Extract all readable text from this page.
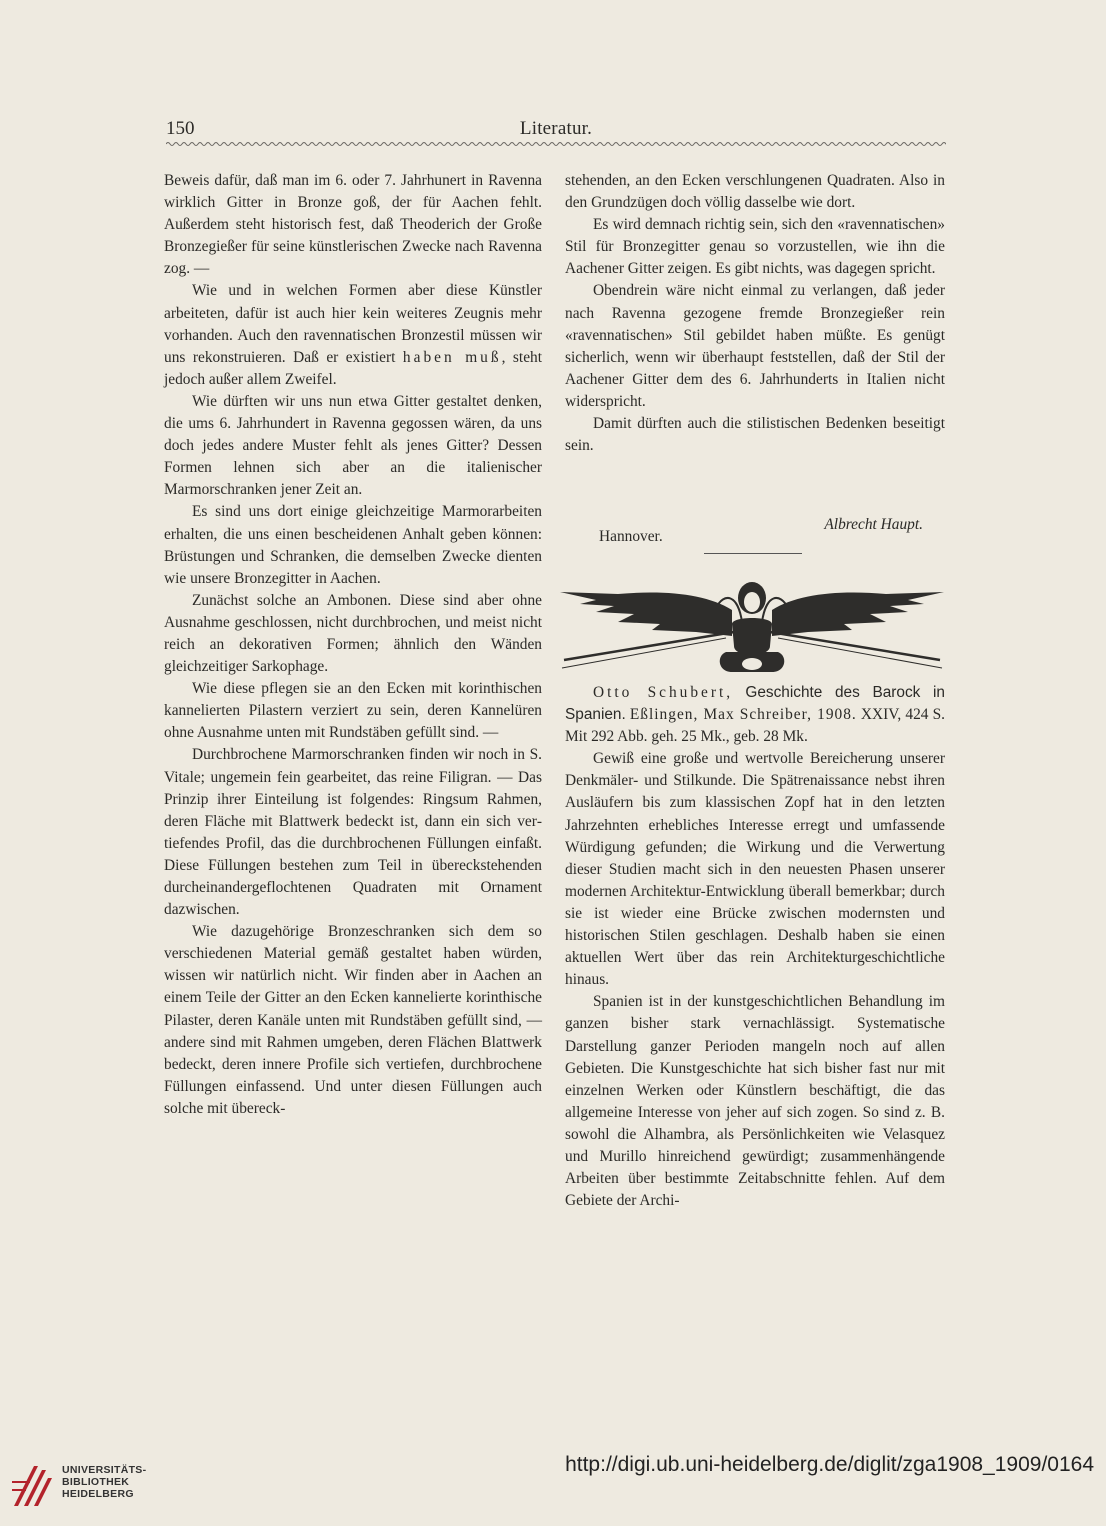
150	Literatur.

Beweis dafür, daß man im 6. oder 7. Jahrhunert in Ravenna wirklich Gitter in Bronze goß, der für Aachen fehlt. Außerdem steht historisch fest, daß Theoderich der Große Bronzegießer für seine künstlerischen Zwecke nach Ravenna zog. —

Wie und in welchen Formen aber diese Künstler arbeiteten, dafür ist auch hier kein weiteres Zeugnis mehr vorhanden. Auch den ravennatischen Bronzestil müssen wir uns rekonstruieren. Daß er existiert haben muß, steht jedoch außer allem Zweifel.

Wie dürften wir uns nun etwa Gitter gestaltet denken, die ums 6. Jahrhundert in Ravenna gegossen wären, da uns doch jedes andere Muster fehlt als jenes Gitter? Dessen Formen lehnen sich aber an die italienischer Marmorschranken jener Zeit an.

Es sind uns dort einige gleichzeitige Marmorarbeiten erhalten, die uns einen bescheidenen Anhalt geben können: Brüstungen und Schranken, die demselben Zwecke dienten wie unsere Bronzegitter in Aachen.

Zunächst solche an Ambonen. Diese sind aber ohne Ausnahme geschlossen, nicht durchbrochen, und meist nicht reich an dekorativen Formen; ähnlich den Wänden gleichzeitiger Sarkophage.

Wie diese pflegen sie an den Ecken mit korinthischen kannelierten Pilastern verziert zu sein, deren Kannelüren ohne Ausnahme unten mit Rundstäben gefüllt sind. —

Durchbrochene Marmorschranken finden wir noch in S. Vitale; ungemein fein gearbeitet, das reine Filigran. — Das Prinzip ihrer Einteilung ist folgendes: Ringsum Rahmen, deren Fläche mit Blattwerk bedeckt ist, dann ein sich vertiefendes Profil, das die durchbrochenen Füllungen einfaßt. Diese Füllungen bestehen zum Teil in übereckstehenden durcheinandergeflochtenen Quadraten mit Ornament dazwischen.

Wie dazugehörige Bronzeschranken sich dem so verschiedenen Material gemäß gestaltet haben würden, wissen wir natürlich nicht. Wir finden aber in Aachen an einem Teile der Gitter an den Ecken kannelierte korinthische Pilaster, deren Kanäle unten mit Rundstäben gefüllt sind, — andere sind mit Rahmen umgeben, deren Flächen Blattwerk bedeckt, deren innere Profile sich vertiefen, durchbrochene Füllungen einfassend. Und unter diesen Füllungen auch solche mit übereck-

stehenden, an den Ecken verschlungenen Quadraten. Also in den Grundzügen doch völlig dasselbe wie dort.

Es wird demnach richtig sein, sich den «ravennatischen» Stil für Bronzegitter genau so vorzustellen, wie ihn die Aachener Gitter zeigen. Es gibt nichts, was dagegen spricht.

Obendrein wäre nicht einmal zu verlangen, daß jeder nach Ravenna gezogene fremde Bronzegießer rein «ravennatischen» Stil gebildet haben müßte. Es genügt sicherlich, wenn wir überhaupt feststellen, daß der Stil der Aachener Gitter dem des 6. Jahrhunderts in Italien nicht widerspricht.

Damit dürften auch die stilistischen Bedenken beseitigt sein.

Hannover.
Albrecht Haupt.

Otto Schubert, Geschichte des Barock in Spanien. Eßlingen, Max Schreiber, 1908. XXIV, 424 S. Mit 292 Abb. geh. 25 Mk., geb. 28 Mk.

Gewiß eine große und wertvolle Bereicherung unserer Denkmäler- und Stilkunde. Die Spätrenaissance nebst ihren Ausläufern bis zum klassischen Zopf hat in den letzten Jahrzehnten erhebliches Interesse erregt und umfassende Würdigung gefunden; die Wirkung und die Verwertung dieser Studien macht sich in den neuesten Phasen unserer modernen Architektur-Entwicklung überall bemerkbar; durch sie ist wieder eine Brücke zwischen modernsten und historischen Stilen geschlagen. Deshalb haben sie einen aktuellen Wert über das rein Architekturgeschichtliche hinaus.

Spanien ist in der kunstgeschichtlichen Behandlung im ganzen bisher stark vernachlässigt. Systematische Darstellung ganzer Perioden mangeln noch auf allen Gebieten. Die Kunstgeschichte hat sich bisher fast nur mit einzelnen Werken oder Künstlern beschäftigt, die das allgemeine Interesse von jeher auf sich zogen. So sind z. B. sowohl die Alhambra, als Persönlichkeiten wie Velasquez und Murillo hinreichend gewürdigt; zusammenhängende Arbeiten über bestimmte Zeitabschnitte fehlen. Auf dem Gebiete der Archi-

UNIVERSITÄTS-
BIBLIOTHEK
HEIDELBERG
http://digi.ub.uni-heidelberg.de/diglit/zga1908_1909/0164
